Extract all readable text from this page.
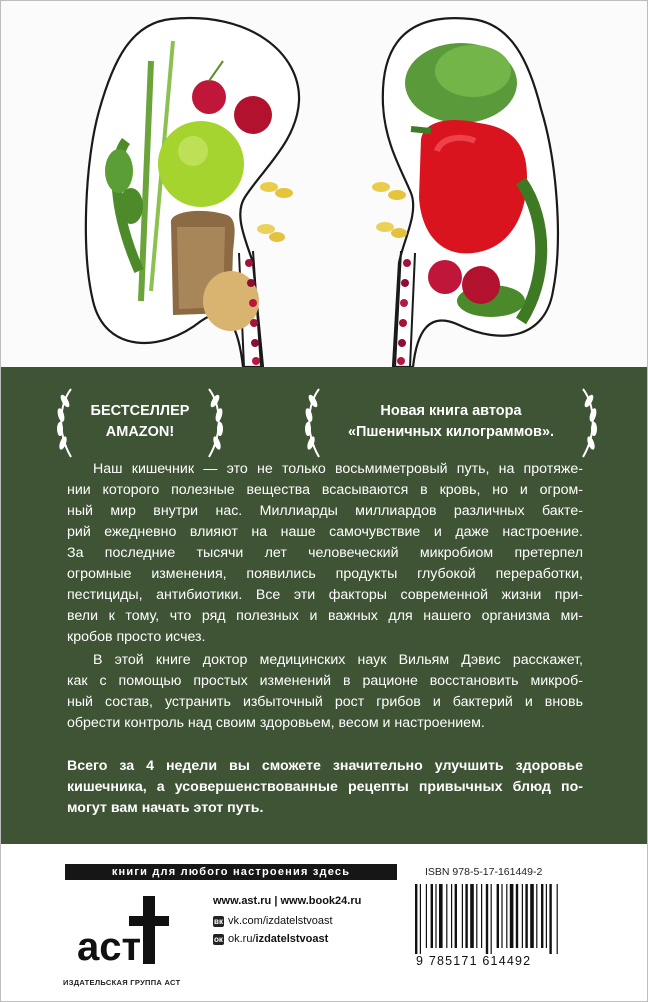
БЕСТСЕЛЛЕР
AMAZON!
Новая книга автора
«Пшеничных килограммов».
Наш кишечник — это не только восьмиметровый путь, на протяже-
нии которого полезные вещества всасываются в кровь, но и огром-
ный мир внутри нас. Миллиарды миллиардов различных бакте-
рий ежедневно влияют на наше самочувствие и даже настроение.
За последние тысячи лет человеческий микробиом претерпел
огромные изменения, появились продукты глубокой переработки,
пестициды, антибиотики. Все эти факторы современной жизни при-
вели к тому, что ряд полезных и важных для нашего организма ми-
кробов просто исчез.
В этой книге доктор медицинских наук Вильям Дэвис расскажет,
как с помощью простых изменений в рационе восстановить микроб-
ный состав, устранить избыточный рост грибов и бактерий и вновь
обрести контроль над своим здоровьем, весом и настроением.
Всего за 4 недели вы сможете значительно улучшить здоровье
кишечника, а усовершенствованные рецепты привычных блюд по-
могут вам начать этот путь.
книги для любого настроения здесь	ISBN 978-5-17-161449-2
аст
ИЗДАТЕЛЬСКАЯ ГРУППА АСТ
www.ast.ru | www.book24.ru
вк vk.com/izdatelstvoast
ок ok.ru/izdatelstvoast
9 785171 614492
